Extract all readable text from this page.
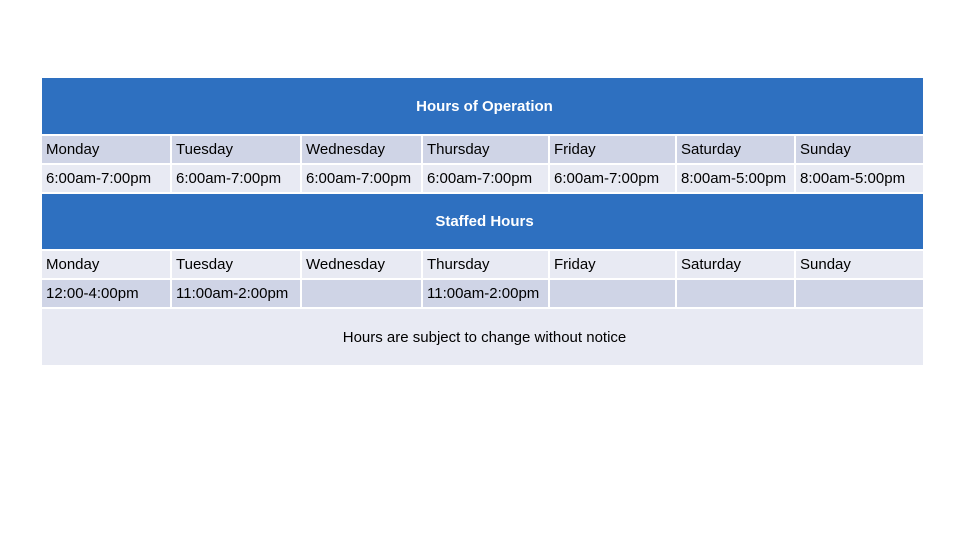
Hours of Operation						
Monday	Tuesday	Wednesday	Thursday	Friday	Saturday	Sunday
6:00am-7:00pm	6:00am-7:00pm	6:00am-7:00pm	6:00am-7:00pm	6:00am-7:00pm	8:00am-5:00pm	8:00am-5:00pm
Staffed Hours						
Monday	Tuesday	Wednesday	Thursday	Friday	Saturday	Sunday
12:00-4:00pm	11:00am-2:00pm		11:00am-2:00pm			
Hours are subject to change without notice						
